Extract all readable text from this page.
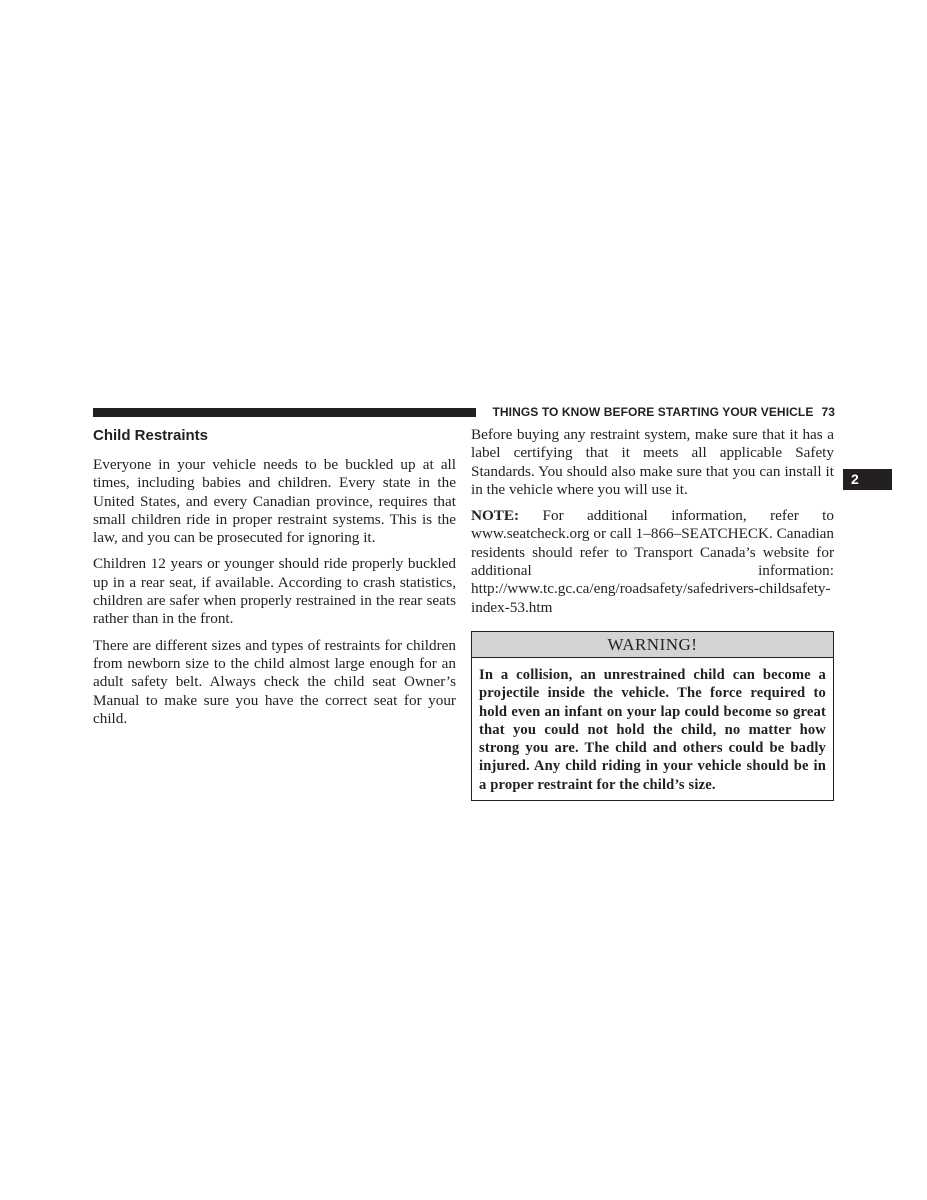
THINGS TO KNOW BEFORE STARTING YOUR VEHICLE 73
2
Child Restraints

Everyone in your vehicle needs to be buckled up at all times, including babies and children. Every state in the United States, and every Canadian province, requires that small children ride in proper restraint systems. This is the law, and you can be prosecuted for ignoring it.

Children 12 years or younger should ride properly buckled up in a rear seat, if available. According to crash statistics, children are safer when properly restrained in the rear seats rather than in the front.

There are different sizes and types of restraints for children from newborn size to the child almost large enough for an adult safety belt. Always check the child seat Owner’s Manual to make sure you have the correct seat for your child.

Before buying any restraint system, make sure that it has a label certifying that it meets all applicable Safety Standards. You should also make sure that you can install it in the vehicle where you will use it.

NOTE: For additional information, refer to www.seatcheck.org or call 1–866–SEATCHECK. Canadian residents should refer to Transport Canada’s website for additional information: http://www.tc.gc.ca/eng/roadsafety/safedrivers-childsafety-index-53.htm

WARNING!
In a collision, an unrestrained child can become a projectile inside the vehicle. The force required to hold even an infant on your lap could become so great that you could not hold the child, no matter how strong you are. The child and others could be badly injured. Any child riding in your vehicle should be in a proper restraint for the child’s size.
